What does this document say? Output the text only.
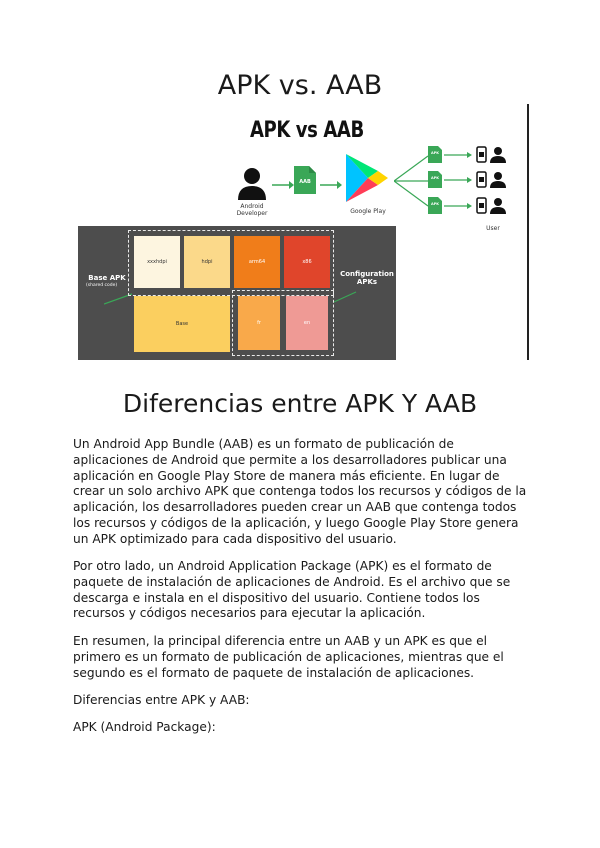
APK vs. AAB
APK vs AAB
Android
Developer
AAB
Google Play
APK
APK
APK
User
Base APK
(shared code)
Configuration
APKs
xxxhdpi	hdpi	arm64	x86
Base	fr	en
Diferencias entre APK Y AAB

Un Android App Bundle (AAB) es un formato de publicación de aplicaciones de Android que permite a los desarrolladores publicar una aplicación en Google Play Store de manera más eficiente. En lugar de crear un solo archivo APK que contenga todos los recursos y códigos de la aplicación, los desarrolladores pueden crear un AAB que contenga todos los recursos y códigos de la aplicación, y luego Google Play Store genera un APK optimizado para cada dispositivo del usuario.

Por otro lado, un Android Application Package (APK) es el formato de paquete de instalación de aplicaciones de Android. Es el archivo que se descarga e instala en el dispositivo del usuario. Contiene todos los recursos y códigos necesarios para ejecutar la aplicación.

En resumen, la principal diferencia entre un AAB y un APK es que el primero es un formato de publicación de aplicaciones, mientras que el segundo es el formato de paquete de instalación de aplicaciones.

Diferencias entre APK y AAB:

APK (Android Package):
